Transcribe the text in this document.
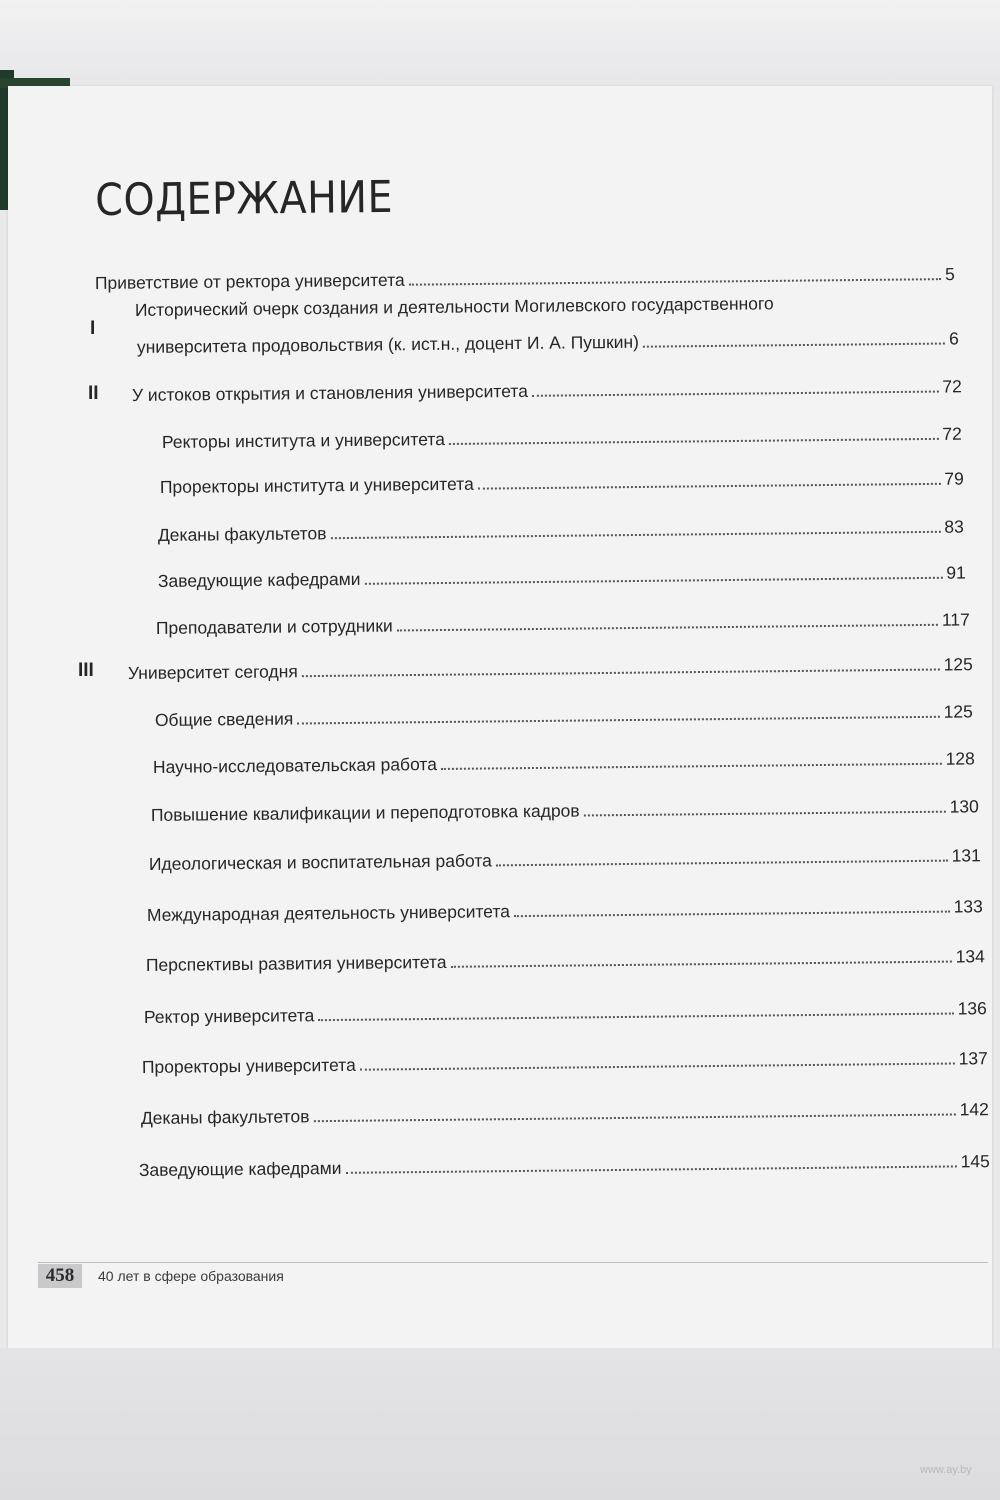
СОДЕРЖАНИЕ
Приветствие от ректора университета	5
I
Исторический очерк создания и деятельности Могилевского государственного
университета продовольствия (к. ист.н., доцент И. А. Пушкин)	6
II У истоков открытия и становления университета	72
Ректоры института и университета	72
Проректоры института и университета	79
Деканы факультетов	83
Заведующие кафедрами	91
Преподаватели и сотрудники	117
III Университет сегодня	125
Общие сведения	125
Научно-исследовательская работа	128
Повышение квалификации и переподготовка кадров	130
Идеологическая и воспитательная работа	131
Международная деятельность университета	133
Перспективы развития университета	134
Ректор университета	136
Проректоры университета	137
Деканы факультетов	142
Заведующие кафедрами	145
458	40 лет в сфере образования
www.ay.by
